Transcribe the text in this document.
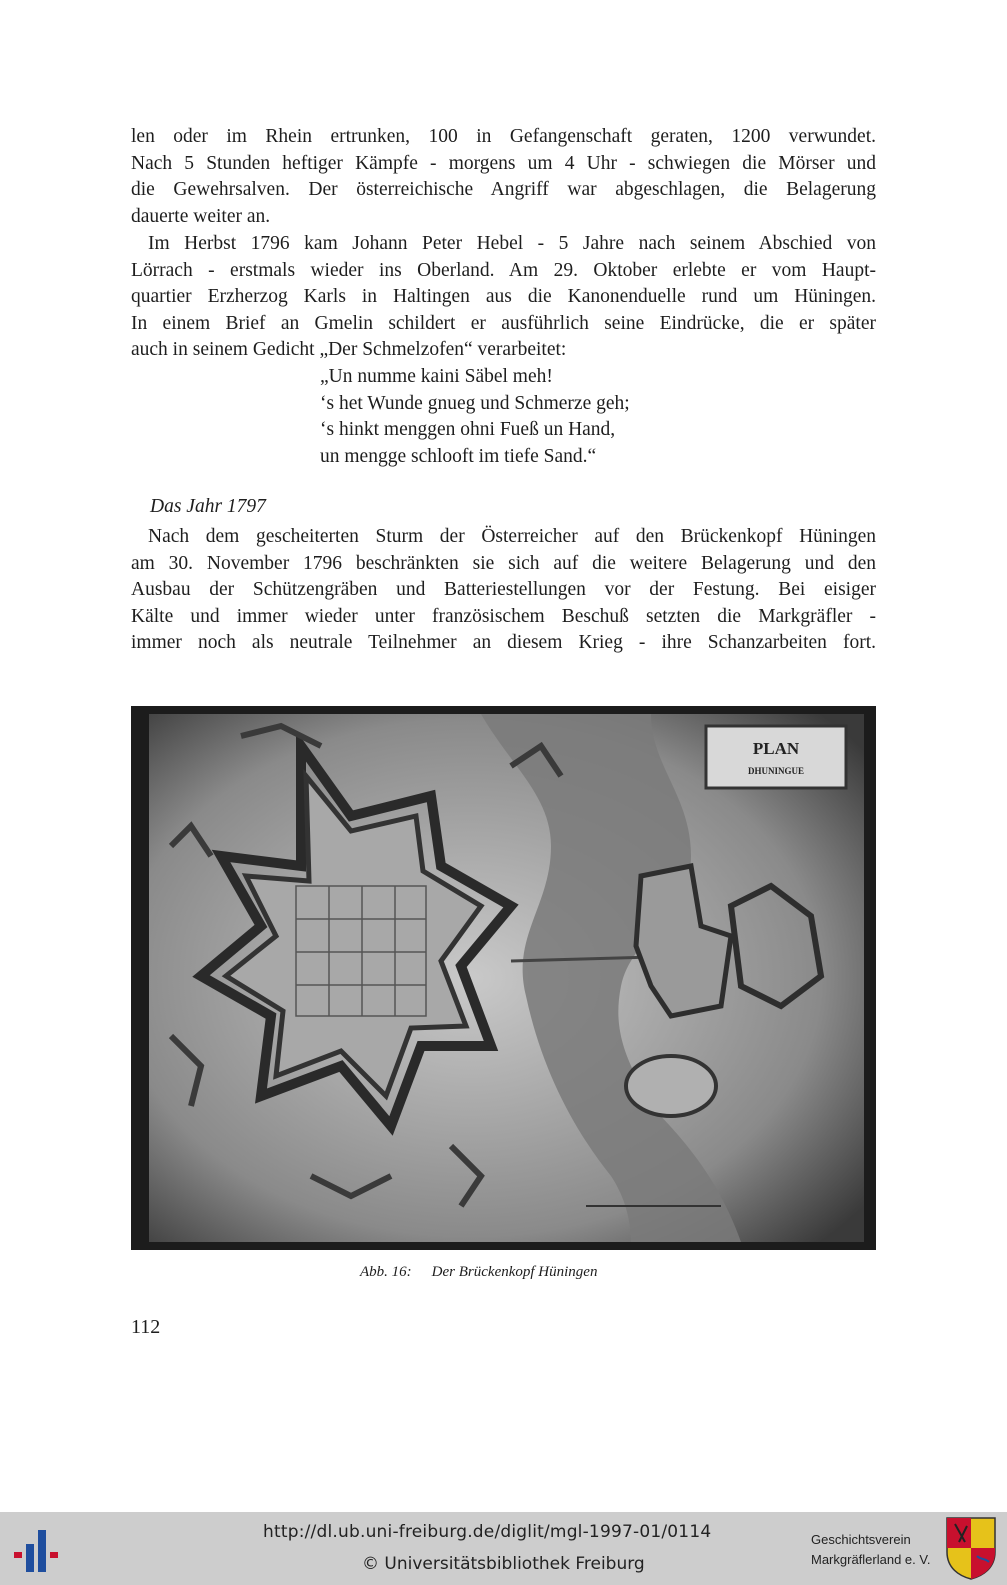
len oder im Rhein ertrunken, 100 in Gefangenschaft geraten, 1200 verwundet.
Nach 5 Stunden heftiger Kämpfe - morgens um 4 Uhr - schwiegen die Mörser und
die Gewehrsalven. Der österreichische Angriff war abgeschlagen, die Belagerung
dauerte weiter an.
Im Herbst 1796 kam Johann Peter Hebel - 5 Jahre nach seinem Abschied von
Lörrach - erstmals wieder ins Oberland. Am 29. Oktober erlebte er vom Haupt-
quartier Erzherzog Karls in Haltingen aus die Kanonenduelle rund um Hüningen.
In einem Brief an Gmelin schildert er ausführlich seine Eindrücke, die er später
auch in seinem Gedicht „Der Schmelzofen“ verarbeitet:
„Un numme kaini Säbel meh!
‘s het Wunde gnueg und Schmerze geh;
‘s hinkt menggen ohni Fueß un Hand,
un mengge schlooft im tiefe Sand.“
Das Jahr 1797
Nach dem gescheiterten Sturm der Österreicher auf den Brückenkopf Hüningen
am 30. November 1796 beschränkten sie sich auf die weitere Belagerung und den
Ausbau der Schützengräben und Batteriestellungen vor der Festung. Bei eisiger
Kälte und immer wieder unter französischem Beschuß setzten die Markgräfler -
immer noch als neutrale Teilnehmer an diesem Krieg - ihre Schanzarbeiten fort.
PLAN
DHUNINGUE
Abb. 16: Der Brückenkopf Hüningen
112
http://dl.ub.uni-freiburg.de/diglit/mgl-1997-01/0114
© Universitätsbibliothek Freiburg
Geschichtsverein
Markgräflerland e. V.
